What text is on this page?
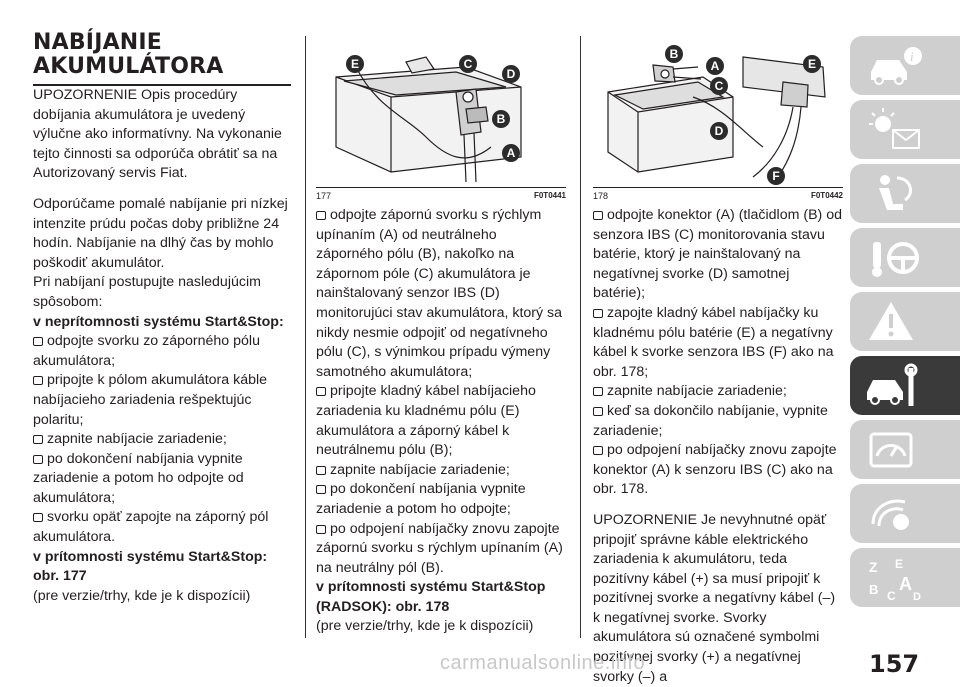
NABÍJANIE AKUMULÁTORA

UPOZORNENIE Opis procedúry dobíjania akumulátora je uvedený výlučne ako informatívny. Na vykonanie tejto činnosti sa odporúča obrátiť sa na Autorizovaný servis Fiat.

Odporúčame pomalé nabíjanie pri nízkej intenzite prúdu počas doby približne 24 hodín. Nabíjanie na dlhý čas by mohlo poškodiť akumulátor.

Pri nabíjaní postupujte nasledujúcim spôsobom:

v neprítomnosti systému Start&Stop:

odpojte svorku zo záporného pólu akumulátora;

pripojte k pólom akumulátora káble nabíjacieho zariadenia rešpektujúc polaritu;

zapnite nabíjacie zariadenie;

po dokončení nabíjania vypnite zariadenie a potom ho odpojte od akumulátora;

svorku opäť zapojte na záporný pól akumulátora.

v prítomnosti systému Start&Stop: obr. 177

(pre verzie/trhy, kde je k dispozícii)

E	C
D
B
A
177	F0T0441

odpojte zápornú svorku s rýchlym upínaním (A) od neutrálneho záporného pólu (B), nakoľko na zápornom póle (C) akumulátora je nainštalovaný senzor IBS (D) monitorujúci stav akumulátora, ktorý sa nikdy nesmie odpojiť od negatívneho pólu (C), s výnimkou prípadu výmeny samotného akumulátora;

pripojte kladný kábel nabíjacieho zariadenia ku kladnému pólu (E) akumulátora a záporný kábel k neutrálnemu pólu (B);

zapnite nabíjacie zariadenie;

po dokončení nabíjania vypnite zariadenie a potom ho odpojte;

po odpojení nabíjačky znovu zapojte zápornú svorku s rýchlym upínaním (A) na neutrálny pól (B).

v prítomnosti systému Start&Stop (RADSOK): obr. 178

(pre verzie/trhy, kde je k dispozícii)

B
A
C
D
E
F
178	F0T0442

odpojte konektor (A) (tlačidlom (B) od senzora IBS (C) monitorovania stavu batérie, ktorý je nainštalovaný na negatívnej svorke (D) samotnej batérie);

zapojte kladný kábel nabíjačky ku kladnému pólu batérie (E) a negatívny kábel k svorke senzora IBS (F) ako na obr. 178;

zapnite nabíjacie zariadenie;

keď sa dokončilo nabíjanie, vypnite zariadenie;

po odpojení nabíjačky znovu zapojte konektor (A) k senzoru IBS (C) ako na obr. 178.

UPOZORNENIE Je nevyhnutné opäť pripojiť správne káble elektrického zariadenia k akumulátoru, teda pozitívny kábel (+) sa musí pripojiť k pozitívnej svorke a negatívny kábel (–) k negatívnej svorke. Svorky akumulátora sú označené symbolmi pozitívnej svorky (+) a negatívnej svorky (–) a

i
Z E
B C
A
D
carmanualsonline.info	157
